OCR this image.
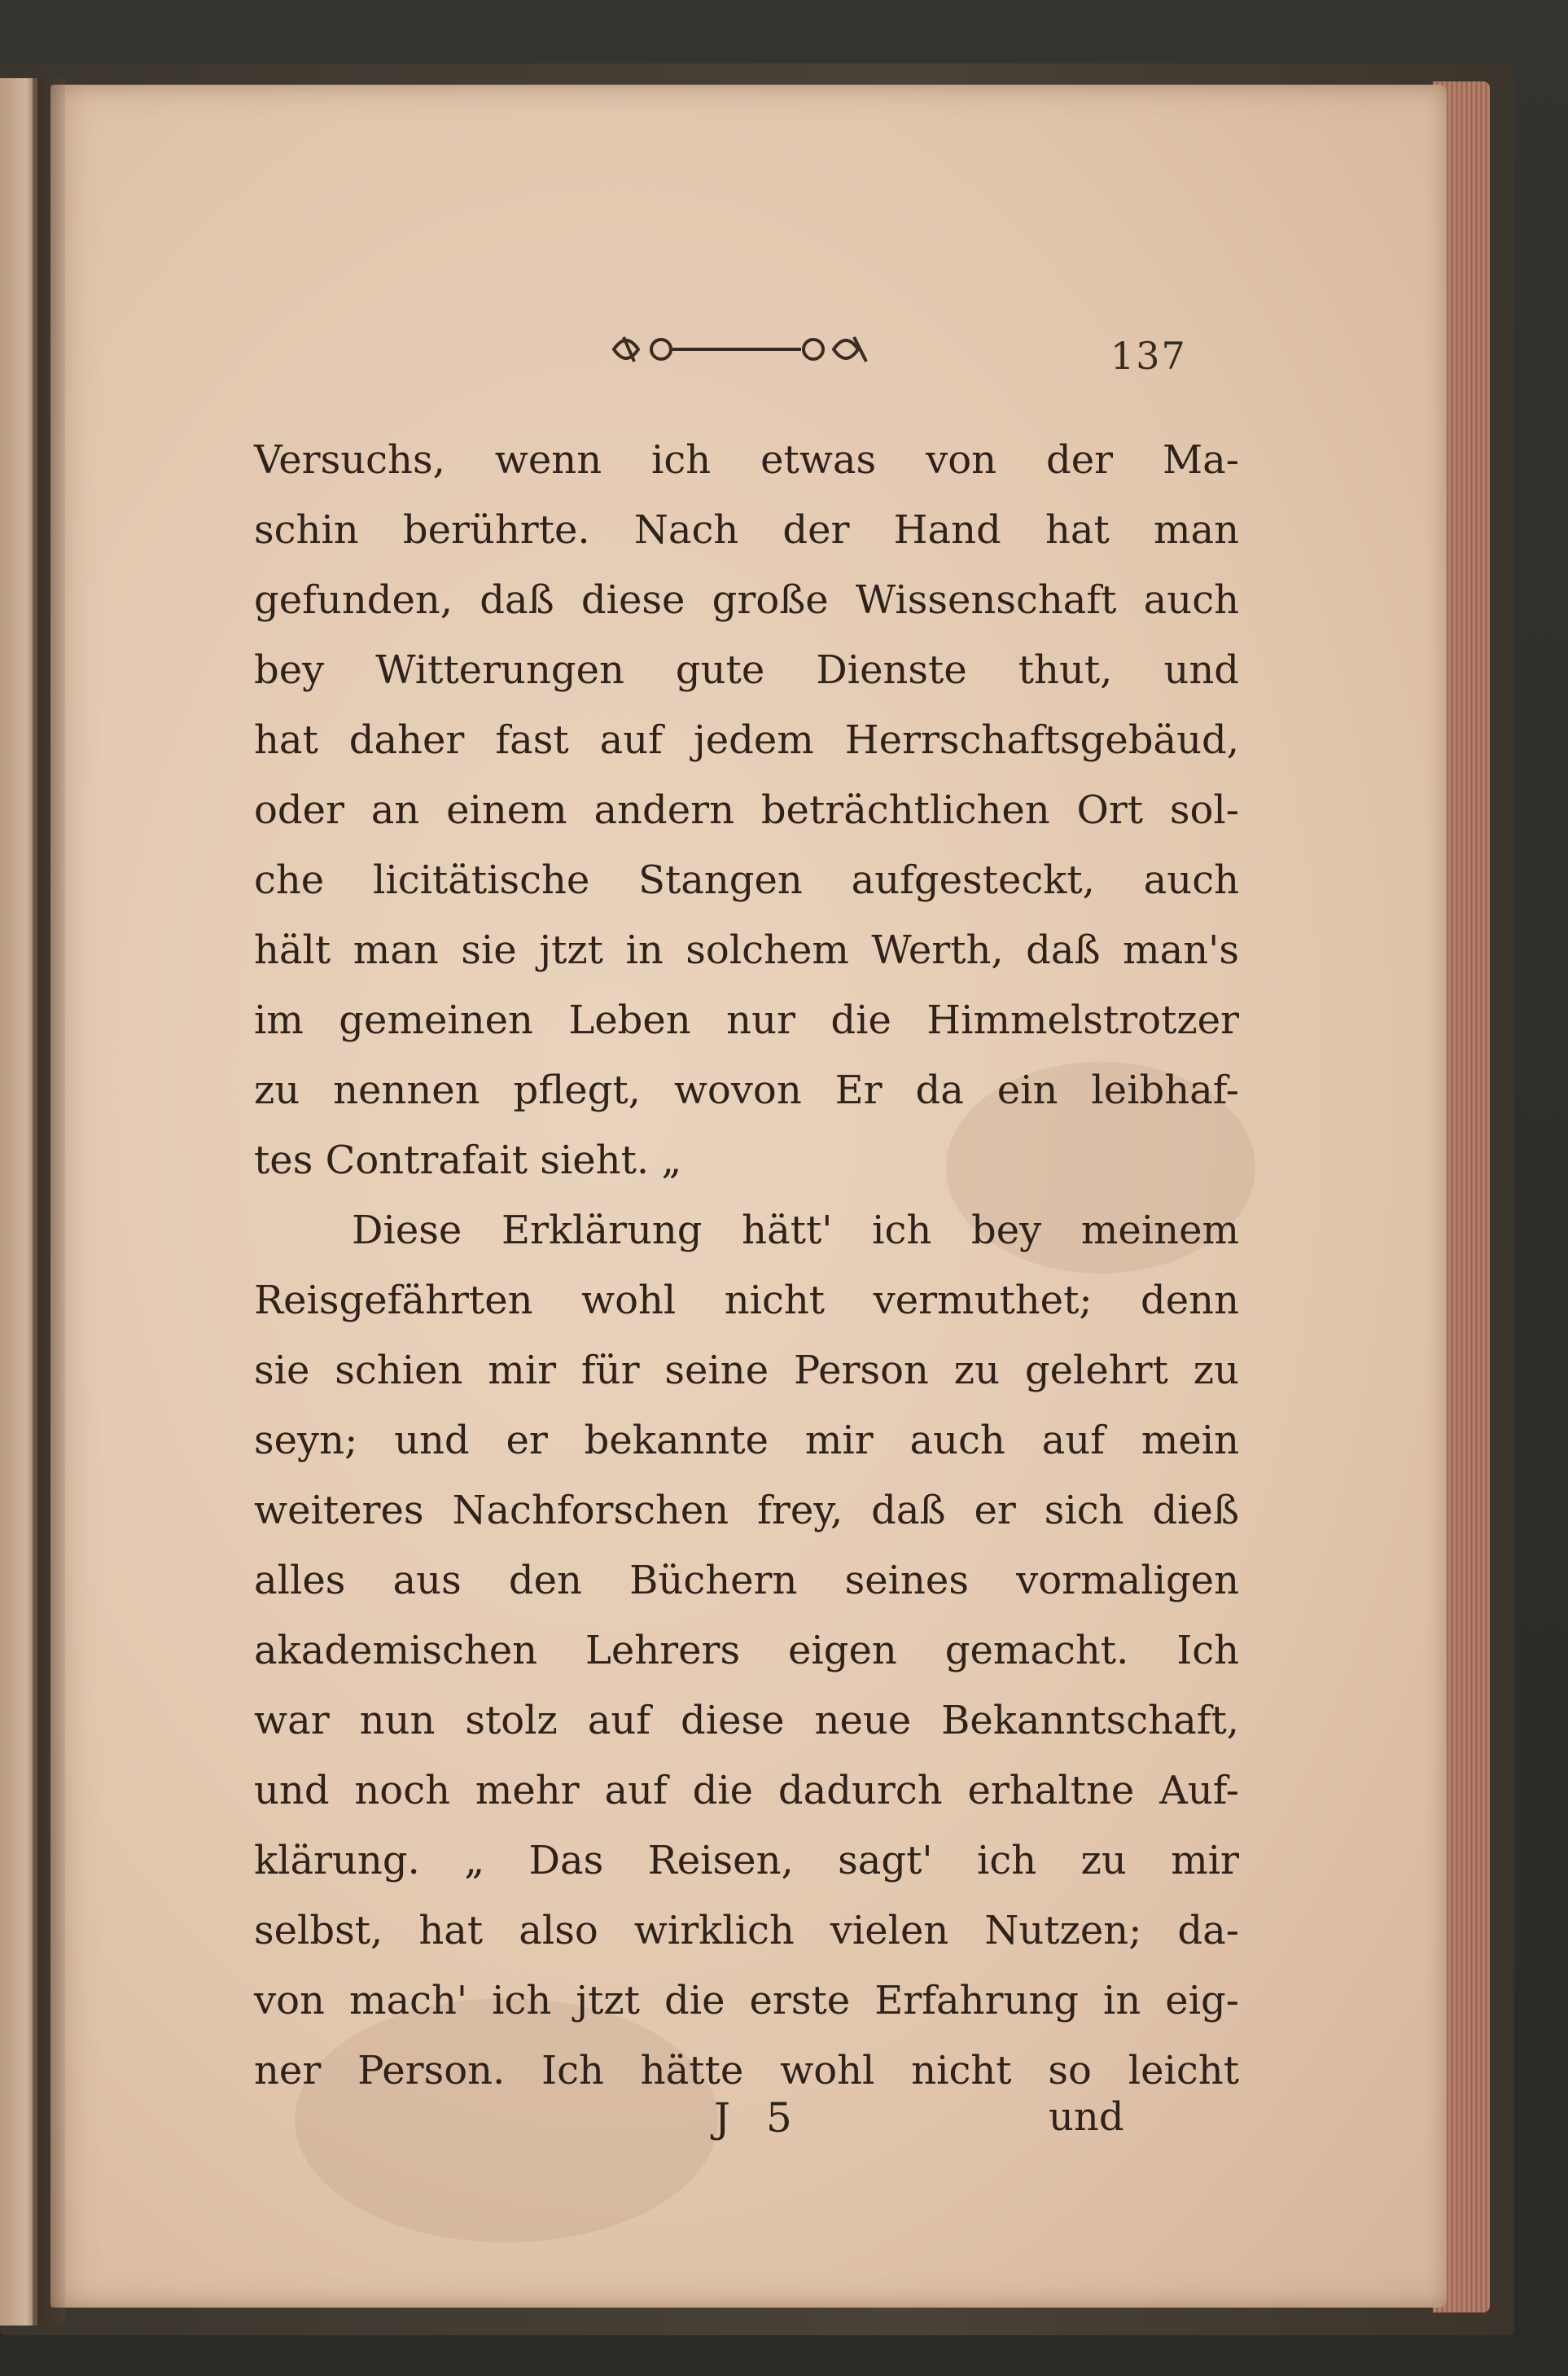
137
Versuchs, wenn ich etwas von der Ma-
schin berührte. Nach der Hand hat man
gefunden, daß diese große Wissenschaft auch
bey Witterungen gute Dienste thut, und
hat daher fast auf jedem Herrschaftsgebäud,
oder an einem andern beträchtlichen Ort sol-
che licitätische Stangen aufgesteckt, auch
hält man sie jtzt in solchem Werth, daß man's
im gemeinen Leben nur die Himmelstrotzer
zu nennen pflegt, wovon Er da ein leibhaf-
tes Contrafait sieht. „
Diese Erklärung hätt' ich bey meinem
Reisgefährten wohl nicht vermuthet; denn
sie schien mir für seine Person zu gelehrt zu
seyn; und er bekannte mir auch auf mein
weiteres Nachforschen frey, daß er sich dieß
alles aus den Büchern seines vormaligen
akademischen Lehrers eigen gemacht. Ich
war nun stolz auf diese neue Bekanntschaft,
und noch mehr auf die dadurch erhaltne Auf-
klärung. „ Das Reisen, sagt' ich zu mir
selbst, hat also wirklich vielen Nutzen; da-
von mach' ich jtzt die erste Erfahrung in eig-
ner Person. Ich hätte wohl nicht so leicht
J 5	und
